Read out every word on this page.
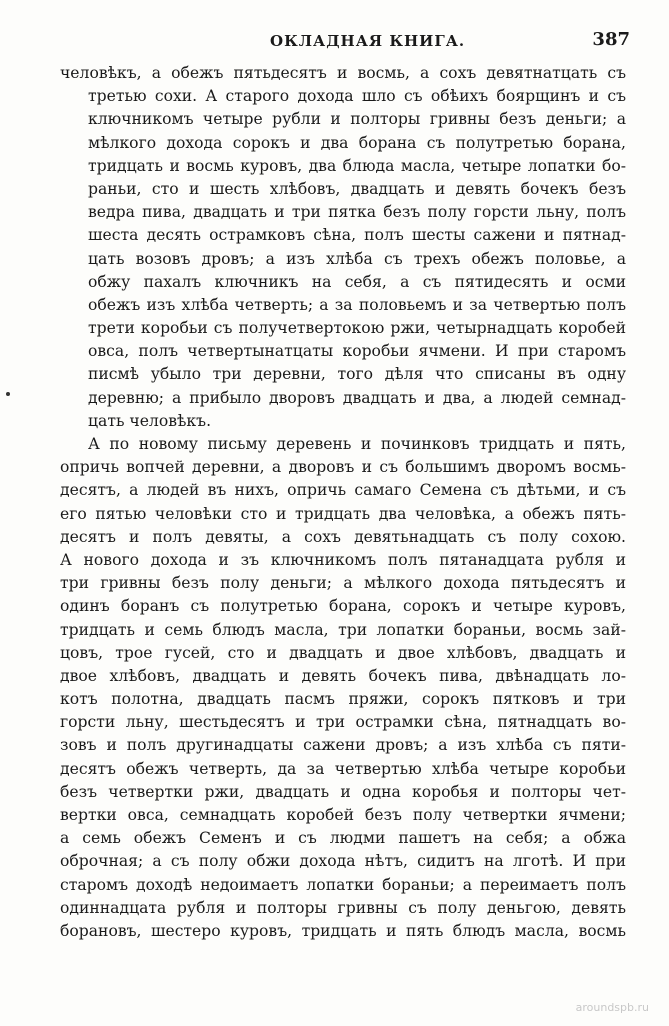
ОКЛАДНАЯ КНИГА.	387
человѣкъ, а обежъ пятьдесятъ и восмь, а сохъ девятнатцать съ
третью сохи. А старого дохода шло съ обѣихъ боярщинъ и съ
ключникомъ четыре рубли и полторы гривны безъ деньги; а
мѣлкого дохода сорокъ и два борана съ полутретью борана,
тридцать и восмь куровъ, два блюда масла, четыре лопатки бо-
раньи, сто и шесть хлѣбовъ, двадцать и девять бочекъ безъ
ведра пива, двадцать и три пятка безъ полу горсти льну, полъ
шеста десять острамковъ сѣна, полъ шесты сажени и пятнад-
цать возовъ дровъ; а изъ хлѣба съ трехъ обежъ половье, а
обжу пахалъ ключникъ на себя, а съ пятидесять и осми
обежъ изъ хлѣба четверть; а за половьемъ и за четвертью полъ
трети коробьи съ получетвертокою ржи, четырнадцать коробей
овса, полъ четвертынатцаты коробьи ячмени. И при старомъ
писмѣ убыло три деревни, того дѣля что списаны въ одну
деревню; а прибыло дворовъ двадцать и два, а людей семнад-
цать человѣкъ.
А по новому письму деревень и починковъ тридцать и пять,
опричь вопчей деревни, а дворовъ и съ большимъ дворомъ восмь-
десятъ, а людей въ нихъ, опричь самаго Семена съ дѣтьми, и съ
его пятью человѣки сто и тридцать два человѣка, а обежъ пять-
десятъ и полъ девяты, а сохъ девятьнадцать съ полу сохою.
А нового дохода и зъ ключникомъ полъ пятанадцата рубля и
три гривны безъ полу деньги; а мѣлкого дохода пятьдесятъ и
одинъ боранъ съ полутретью борана, сорокъ и четыре куровъ,
тридцать и семь блюдъ масла, три лопатки бораньи, восмь зай-
цовъ, трое гусей, сто и двадцать и двое хлѣбовъ, двадцать и
двое хлѣбовъ, двадцать и девять бочекъ пива, двѣнадцать ло-
котъ полотна, двадцать пасмъ пряжи, сорокъ пятковъ и три
горсти льну, шестьдесятъ и три острамки сѣна, пятнадцать во-
зовъ и полъ другинадцаты сажени дровъ; а изъ хлѣба съ пяти-
десятъ обежъ четверть, да за четвертью хлѣба четыре коробьи
безъ четвертки ржи, двадцать и одна коробья и полторы чет-
вертки овса, семнадцать коробей безъ полу четвертки ячмени;
а семь обежъ Семенъ и съ людми пашетъ на себя; а обжа
оброчная; а съ полу обжи дохода нѣтъ, сидитъ на лготѣ. И при
старомъ доходѣ недоимаетъ лопатки бораньи; а переимаетъ полъ
одиннадцата рубля и полторы гривны съ полу деньгою, девять
борановъ, шестеро куровъ, тридцать и пять блюдъ масла, восмь
aroundspb.ru
